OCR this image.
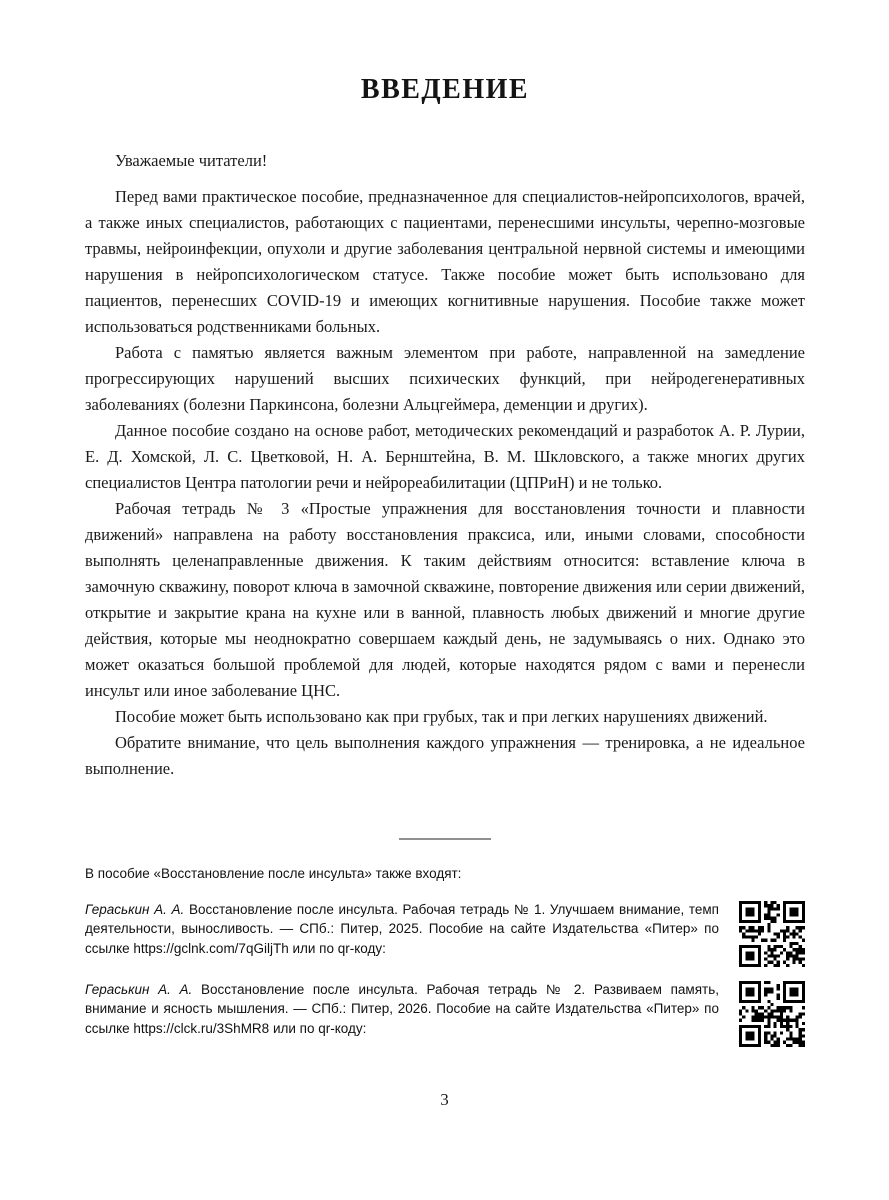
ВВЕДЕНИЕ

Уважаемые читатели!

Перед вами практическое пособие, предназначенное для специалистов-нейропсихологов, врачей, а также иных специалистов, работающих с пациентами, перенесшими инсульты, черепно-мозговые травмы, нейроинфекции, опухоли и другие заболевания центральной нервной системы и имеющими нарушения в нейропсихологическом статусе. Также пособие может быть использовано для пациентов, перенесших COVID-19 и имеющих когнитивные нарушения. Пособие также может использоваться родственниками больных.

Работа с памятью является важным элементом при работе, направленной на замедление прогрессирующих нарушений высших психических функций, при нейродегенеративных заболеваниях (болезни Паркинсона, болезни Альцгеймера, деменции и других).

Данное пособие создано на основе работ, методических рекомендаций и разработок А. Р. Лурии, Е. Д. Хомской, Л. С. Цветковой, Н. А. Бернштейна, В. М. Шкловского, а также многих других специалистов Центра патологии речи и нейрореабилитации (ЦПРиН) и не только.

Рабочая тетрадь № 3 «Простые упражнения для восстановления точности и плавности движений» направлена на работу восстановления праксиса, или, иными словами, способности выполнять целенаправленные движения. К таким действиям относится: вставление ключа в замочную скважину, поворот ключа в замочной скважине, повторение движения или серии движений, открытие и закрытие крана на кухне или в ванной, плавность любых движений и многие другие действия, которые мы неоднократно совершаем каждый день, не задумываясь о них. Однако это может оказаться большой проблемой для людей, которые находятся рядом с вами и перенесли инсульт или иное заболевание ЦНС.

Пособие может быть использовано как при грубых, так и при легких нарушениях движений.

Обратите внимание, что цель выполнения каждого упражнения — тренировка, а не идеальное выполнение.

В пособие «Восстановление после инсульта» также входят:

Гераськин А. А. Восстановление после инсульта. Рабочая тетрадь № 1. Улучшаем внимание, темп деятельности, выносливость. — СПб.: Питер, 2025. Пособие на сайте Издательства «Питер» по ссылке https://gclnk.com/7qGiljTh или по qr-коду:
Гераськин А. А. Восстановление после инсульта. Рабочая тетрадь № 2. Развиваем память, внимание и ясность мышления. — СПб.: Питер, 2026. Пособие на сайте Издательства «Питер» по ссылке https://clck.ru/3ShMR8 или по qr-коду:
3
